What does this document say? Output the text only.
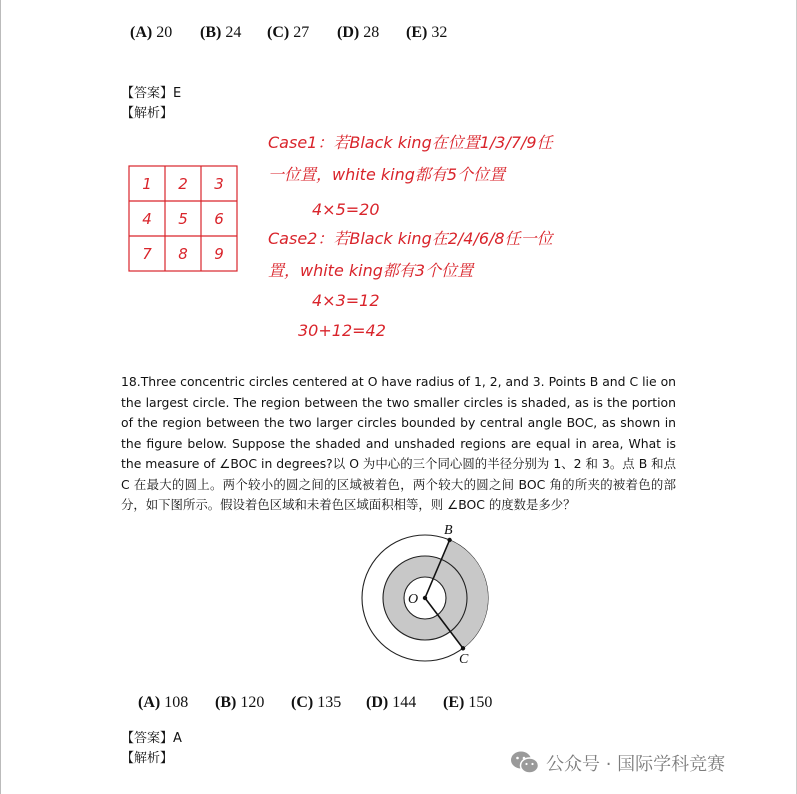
(A) 20 (B) 24 (C) 27 (D) 28 (E) 32
【答案】E
【解析】
1 2 3
4 5 6
7 8 9
Case1：若Black king在位置1/3/7/9任
一位置，white king都有5个位置
4×5=20
Case2：若Black king在2/4/6/8任一位
置，white king都有3个位置
4×3=12
30+12=42
18.Three concentric circles centered at O have radius of 1, 2, and 3. Points B and C lie on the largest circle. The region between the two smaller circles is shaded, as is the portion of the region between the two larger circles bounded by central angle BOC, as shown in the figure below. Suppose the shaded and unshaded regions are equal in area, What is the measure of ∠BOC in degrees?以 O 为中心的三个同心圆的半径分别为 1、2 和 3。点 B 和点 C 在最大的圆上。两个较小的圆之间的区域被着色，两个较大的圆之间 BOC 角的所夹的被着色的部分，如下图所示。假设着色区域和未着色区域面积相等，则 ∠BOC 的度数是多少？
B
C
O
(A) 108 (B) 120 (C) 135 (D) 144 (E) 150
【答案】A
【解析】	公众号 · 国际学科竞赛
